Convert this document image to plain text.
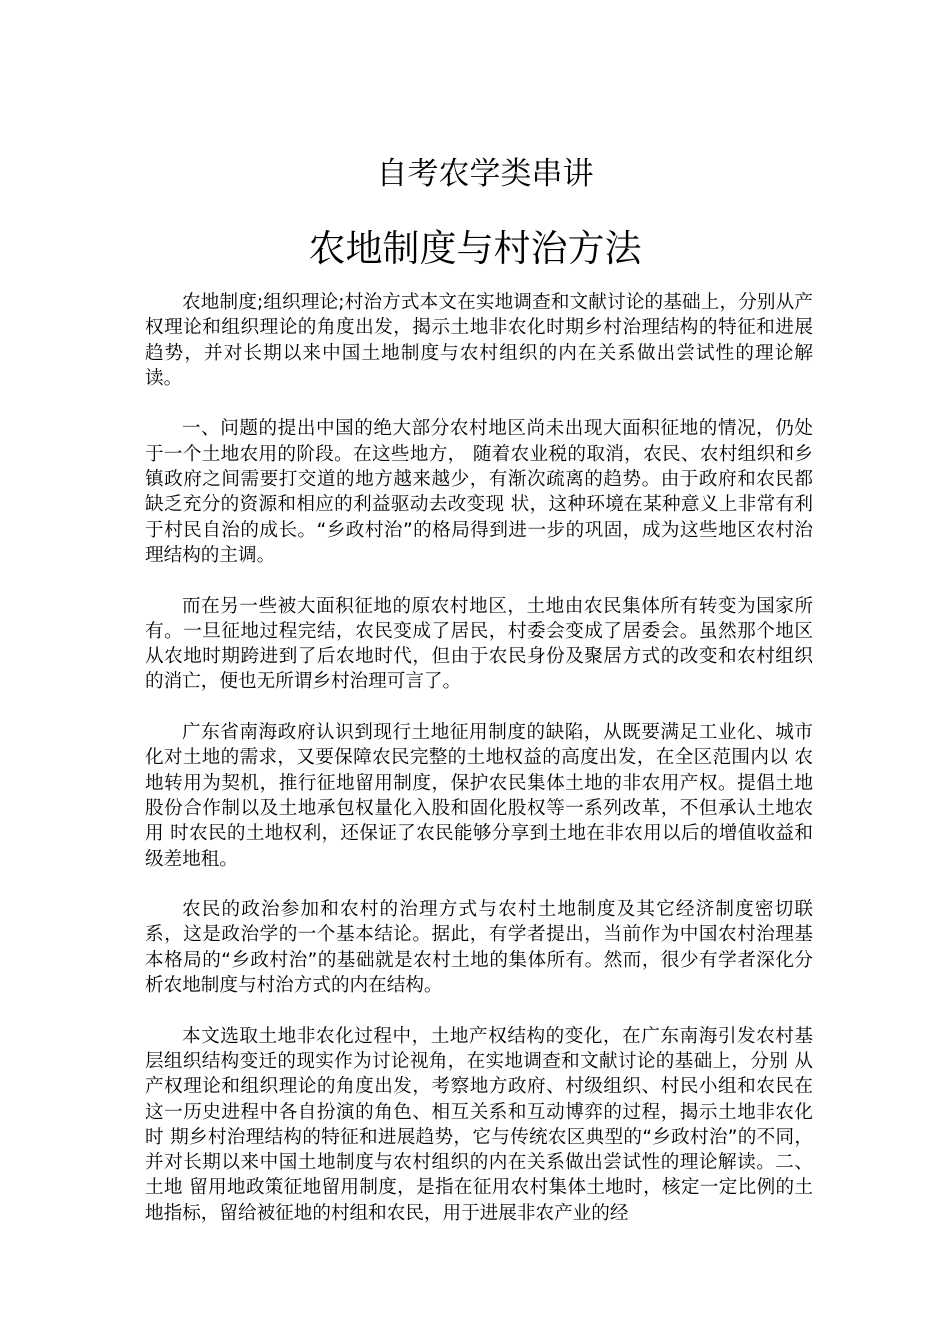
自考农学类串讲
农地制度与村治方法

农地制度;组织理论;村治方式本文在实地调查和文献讨论的基础上，分别从产权理论和组织理论的角度出发，揭示土地非农化时期乡村治理结构的特征和进展趋势，并对长期以来中国土地制度与农村组织的内在关系做出尝试性的理论解读。

一、问题的提出中国的绝大部分农村地区尚未出现大面积征地的情况，仍处于一个土地农用的阶段。在这些地方， 随着农业税的取消，农民、农村组织和乡镇政府之间需要打交道的地方越来越少，有渐次疏离的趋势。由于政府和农民都缺乏充分的资源和相应的利益驱动去改变现 状，这种环境在某种意义上非常有利于村民自治的成长。“乡政村治”的格局得到进一步的巩固，成为这些地区农村治理结构的主调。

而在另一些被大面积征地的原农村地区，土地由农民集体所有转变为国家所有。一旦征地过程完结，农民变成了居民，村委会变成了居委会。虽然那个地区从农地时期跨进到了后农地时代，但由于农民身份及聚居方式的改变和农村组织的消亡，便也无所谓乡村治理可言了。

广东省南海政府认识到现行土地征用制度的缺陷，从既要满足工业化、城市化对土地的需求，又要保障农民完整的土地权益的高度出发，在全区范围内以 农地转用为契机，推行征地留用制度，保护农民集体土地的非农用产权。提倡土地股份合作制以及土地承包权量化入股和固化股权等一系列改革，不但承认土地农用 时农民的土地权利，还保证了农民能够分享到土地在非农用以后的增值收益和级差地租。

农民的政治参加和农村的治理方式与农村土地制度及其它经济制度密切联系，这是政治学的一个基本结论。据此，有学者提出，当前作为中国农村治理基本格局的“乡政村治”的基础就是农村土地的集体所有。然而，很少有学者深化分析农地制度与村治方式的内在结构。

本文选取土地非农化过程中，土地产权结构的变化，在广东南海引发农村基层组织结构变迁的现实作为讨论视角，在实地调查和文献讨论的基础上，分别 从产权理论和组织理论的角度出发，考察地方政府、村级组织、村民小组和农民在这一历史进程中各自扮演的角色、相互关系和互动博弈的过程，揭示土地非农化时 期乡村治理结构的特征和进展趋势，它与传统农区典型的“乡政村治”的不同，并对长期以来中国土地制度与农村组织的内在关系做出尝试性的理论解读。二、土地 留用地政策征地留用制度，是指在征用农村集体土地时，核定一定比例的土地指标，留给被征地的村组和农民，用于进展非农产业的经
